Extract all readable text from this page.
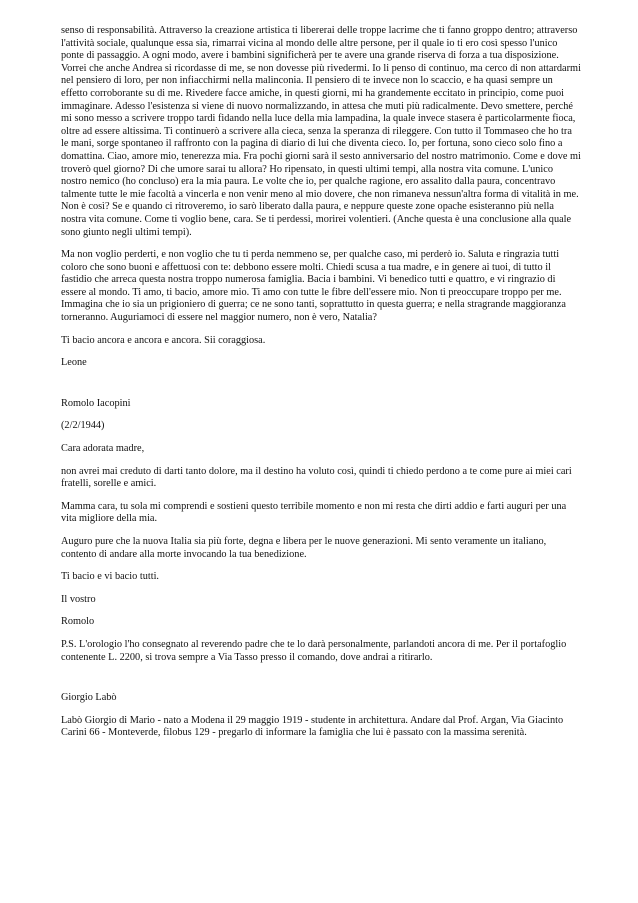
senso di responsabilità. Attraverso la creazione artistica ti libererai delle troppe lacrime che ti fanno groppo dentro; attraverso l'attività sociale, qualunque essa sia, rimarrai vicina al mondo delle altre persone, per il quale io ti ero così spesso l'unico ponte di passaggio. A ogni modo, avere i bambini significherà per te avere una grande riserva di forza a tua disposizione. Vorrei che anche Andrea si ricordasse di me, se non dovesse più rivedermi. Io li penso di continuo, ma cerco di non attardarmi nel pensiero di loro, per non infiacchirmi nella malinconia. Il pensiero di te invece non lo scaccio, e ha quasi sempre un effetto corroborante su di me. Rivedere facce amiche, in questi giorni, mi ha grandemente eccitato in principio, come puoi immaginare. Adesso l'esistenza si viene di nuovo normalizzando, in attesa che muti più radicalmente. Devo smettere, perché mi sono messo a scrivere troppo tardi fidando nella luce della mia lampadina, la quale invece stasera è particolarmente fioca, oltre ad essere altissima. Ti continuerò a scrivere alla cieca, senza la speranza di rileggere. Con tutto il Tommaseo che ho tra le mani, sorge spontaneo il raffronto con la pagina di diario di lui che diventa cieco. Io, per fortuna, sono cieco solo fino a domattina. Ciao, amore mio, tenerezza mia. Fra pochi giorni sarà il sesto anniversario del nostro matrimonio. Come e dove mi troverò quel giorno? Di che umore sarai tu allora? Ho ripensato, in questi ultimi tempi, alla nostra vita comune. L'unico nostro nemico (ho concluso) era la mia paura. Le volte che io, per qualche ragione, ero assalito dalla paura, concentravo talmente tutte le mie facoltà a vincerla e non venir meno al mio dovere, che non rimaneva nessun'altra forma di vitalità in me. Non è così? Se e quando ci ritroveremo, io sarò liberato dalla paura, e neppure queste zone opache esisteranno più nella nostra vita comune. Come ti voglio bene, cara. Se ti perdessi, morirei volentieri. (Anche questa è una conclusione alla quale sono giunto negli ultimi tempi).

Ma non voglio perderti, e non voglio che tu ti perda nemmeno se, per qualche caso, mi perderò io. Saluta e ringrazia tutti coloro che sono buoni e affettuosi con te: debbono essere molti. Chiedi scusa a tua madre, e in genere ai tuoi, di tutto il fastidio che arreca questa nostra troppo numerosa famiglia. Bacia i bambini. Vi benedico tutti e quattro, e vi ringrazio di essere al mondo. Ti amo, ti bacio, amore mio. Ti amo con tutte le fibre dell'essere mio. Non ti preoccupare troppo per me. Immagina che io sia un prigioniero di guerra; ce ne sono tanti, soprattutto in questa guerra; e nella stragrande maggioranza torneranno. Auguriamoci di essere nel maggior numero, non è vero, Natalia?

Ti bacio ancora e ancora e ancora. Sii coraggiosa.

Leone

Romolo Iacopini

(2/2/1944)

Cara adorata madre,

non avrei mai creduto di darti tanto dolore, ma il destino ha voluto così, quindi ti chiedo perdono a te come pure ai miei cari fratelli, sorelle e amici.

Mamma cara, tu sola mi comprendi e sostieni questo terribile momento e non mi resta che dirti addio e farti auguri per una vita migliore della mia.

Auguro pure che la nuova Italia sia più forte, degna e libera per le nuove generazioni. Mi sento veramente un italiano, contento di andare alla morte invocando la tua benedizione.

Ti bacio e vi bacio tutti.

Il vostro

Romolo

P.S. L'orologio l'ho consegnato al reverendo padre che te lo darà personalmente, parlandoti ancora di me. Per il portafoglio contenente L. 2200, si trova sempre a Via Tasso presso il comando, dove andrai a ritirarlo.

Giorgio Labò

Labò Giorgio di Mario - nato a Modena il 29 maggio 1919 - studente in architettura. Andare dal Prof. Argan, Via Giacinto Carini 66 - Monteverde, filobus 129 - pregarlo di informare la famiglia che lui è passato con la massima serenità.
